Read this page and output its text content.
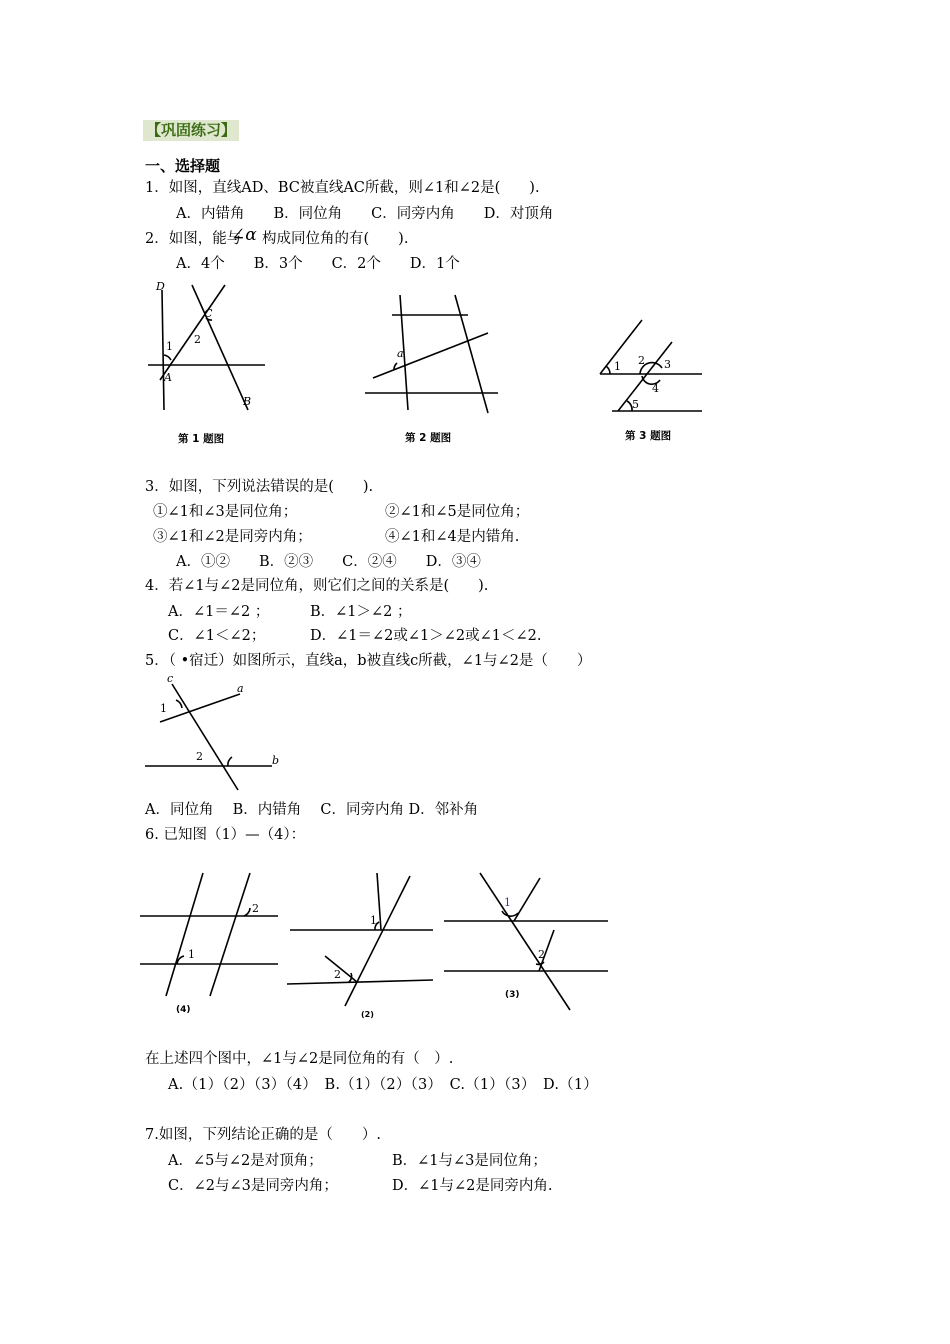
【巩固练习】
一、选择题
1．如图，直线AD、BC被直线AC所截，则∠1和∠2是(　　).
A．内错角　　B．同位角　　C．同旁内角　　D．对顶角
2．如图，能与
∠α 构成同位角的有(　　).
A．4个　　B．3个　　C．2个　　D．1个
D
C
1
2
A
B
第 1 题图
a
第 2 题图
1 2 3
4
5
第 3 题图
3．如图，下列说法错误的是(　　).
①∠1和∠3是同位角；	②∠1和∠5是同位角；
③∠1和∠2是同旁内角；	④∠1和∠4是内错角.
A．①②　　B．②③　　C．②④　　D．③④
4．若∠1与∠2是同位角，则它们之间的关系是(　　).
A．∠1＝∠2 ；	B．∠1＞∠2 ；
C．∠1＜∠2；	D．∠1＝∠2或∠1＞∠2或∠1＜∠2.
5．（ •宿迁）如图所示，直线a，b被直线c所截，∠1与∠2是（　　）
c
a
1
2	b
A．同位角　 B．内错角　 C．同旁内角 D．邻补角
6. 已知图（1）—（4）：
1
2
(4)
1
2
(2)
1
2
(3)
在上述四个图中，∠1与∠2是同位角的有（　）.
A.（1）（2）（3）（4）　B.（1）（2）（3）　C.（1）（3）　D.（1）
7.如图，下列结论正确的是（　　）.
A．∠5与∠2是对顶角；	B．∠1与∠3是同位角；
C．∠2与∠3是同旁内角；	D．∠1与∠2是同旁内角.
